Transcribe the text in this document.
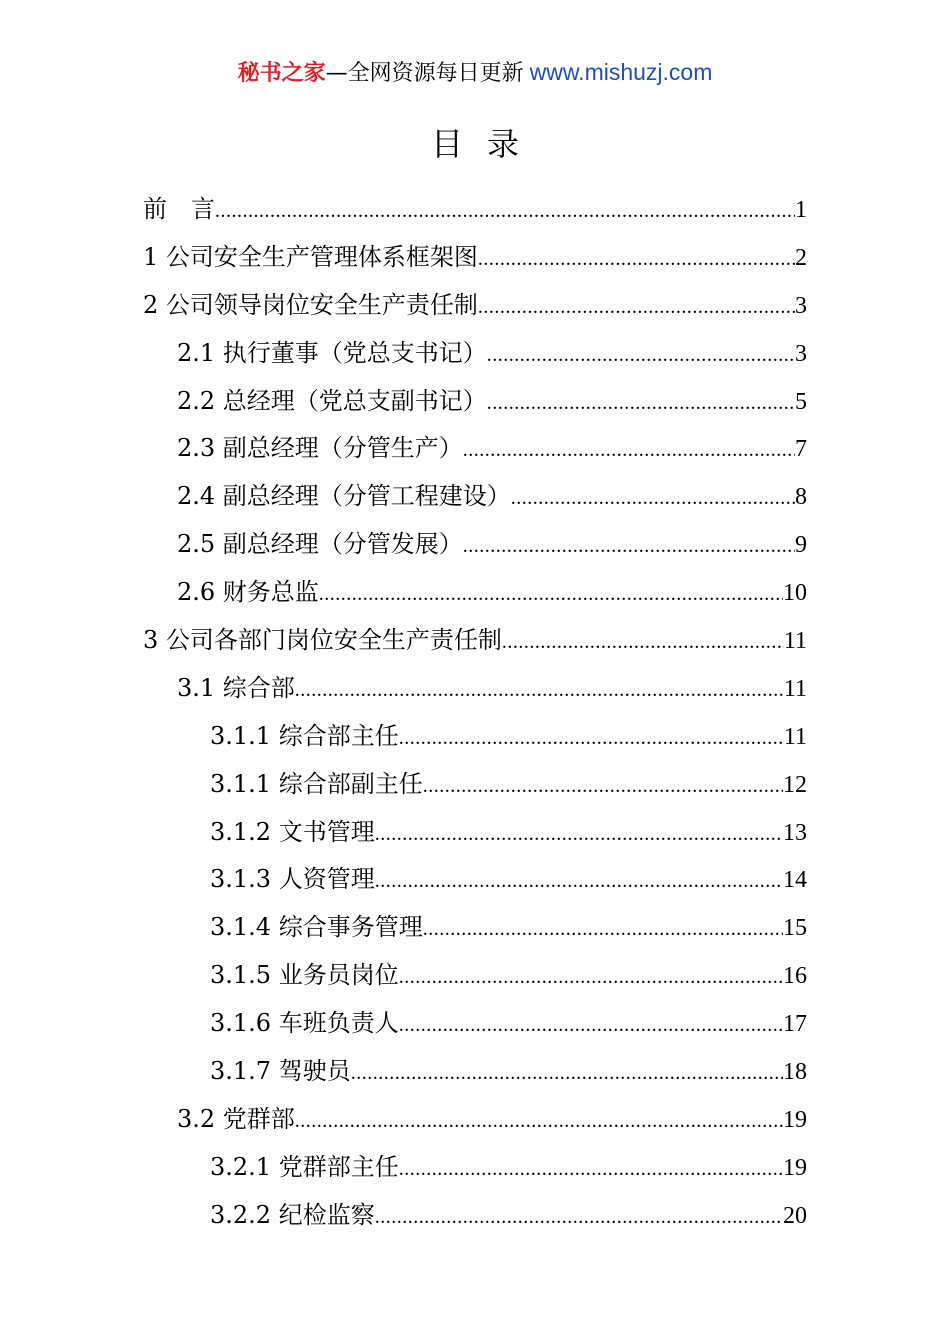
秘书之家—全网资源每日更新 www.mishuzj.com
目录
前　言 .....	1
1 公司安全生产管理体系框架图 .....	2
2 公司领导岗位安全生产责任制 .....	3
2.1 执行董事（党总支书记） .....	3
2.2 总经理（党总支副书记） .....	5
2.3 副总经理（分管生产） .....	7
2.4 副总经理（分管工程建设） .....	8
2.5 副总经理（分管发展） .....	9
2.6 财务总监 .....	10
3 公司各部门岗位安全生产责任制 .....	11
3.1 综合部 .....	11
3.1.1 综合部主任 .....	11
3.1.1 综合部副主任 .....	12
3.1.2 文书管理 .....	13
3.1.3 人资管理 .....	14
3.1.4 综合事务管理 .....	15
3.1.5 业务员岗位 .....	16
3.1.6 车班负责人 .....	17
3.1.7 驾驶员 .....	18
3.2 党群部 .....	19
3.2.1 党群部主任 .....	19
3.2.2 纪检监察 .....	20
